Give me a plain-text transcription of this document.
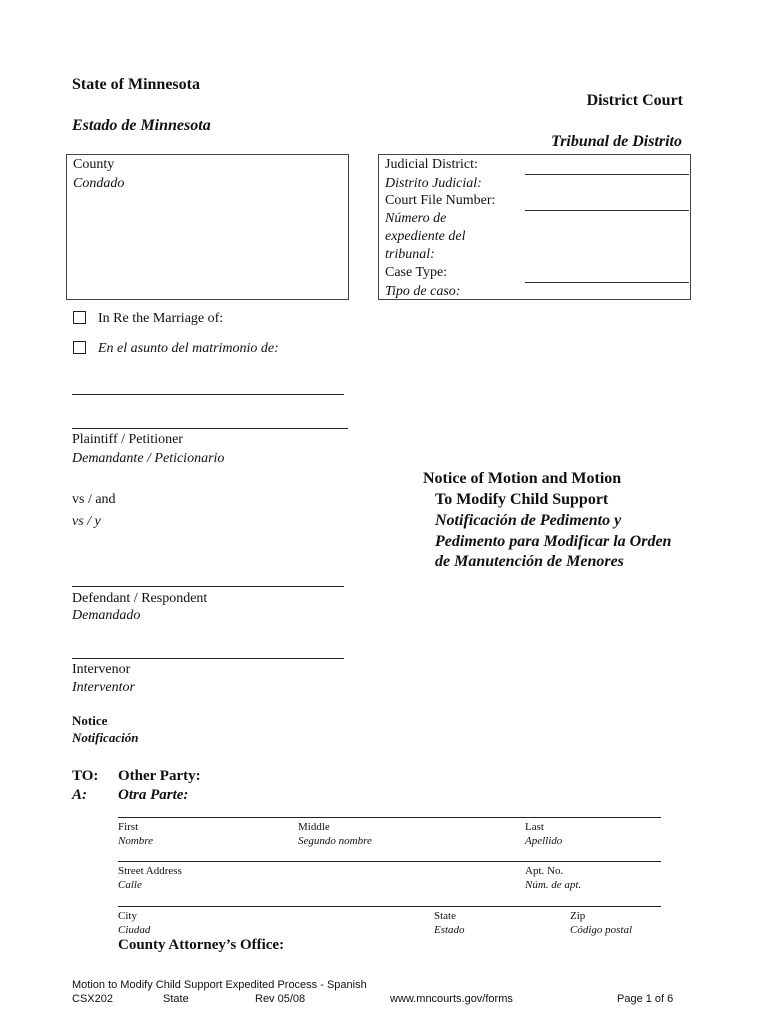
State of Minnesota
Estado de Minnesota
District Court
Tribunal de Distrito
County
Condado
Judicial District:
Distrito Judicial:
Court File Number:
Número de
expediente del
tribunal:
Case Type:
Tipo de caso:
In Re the Marriage of:
En el asunto del matrimonio de:
Plaintiff / Petitioner
Demandante / Peticionario
vs / and
vs / y
Notice of Motion and Motion
To Modify Child Support
Notificación de Pedimento y
Pedimento para Modificar la Orden
de Manutención de Menores
Defendant / Respondent
Demandado
Intervenor
Interventor
Notice
Notificación
TO:
A:
Other Party:
Otra Parte:
First
Nombre
Middle
Segundo nombre
Last
Apellido
Street Address
Calle
Apt. No.
Núm. de apt.
City
Ciudad
State
Estado
Zip
Código postal
County Attorney’s Office:
Motion to Modify Child Support Expedited Process - Spanish
CSX202	State	Rev 05/08	www.mncourts.gov/forms	Page 1 of 6
